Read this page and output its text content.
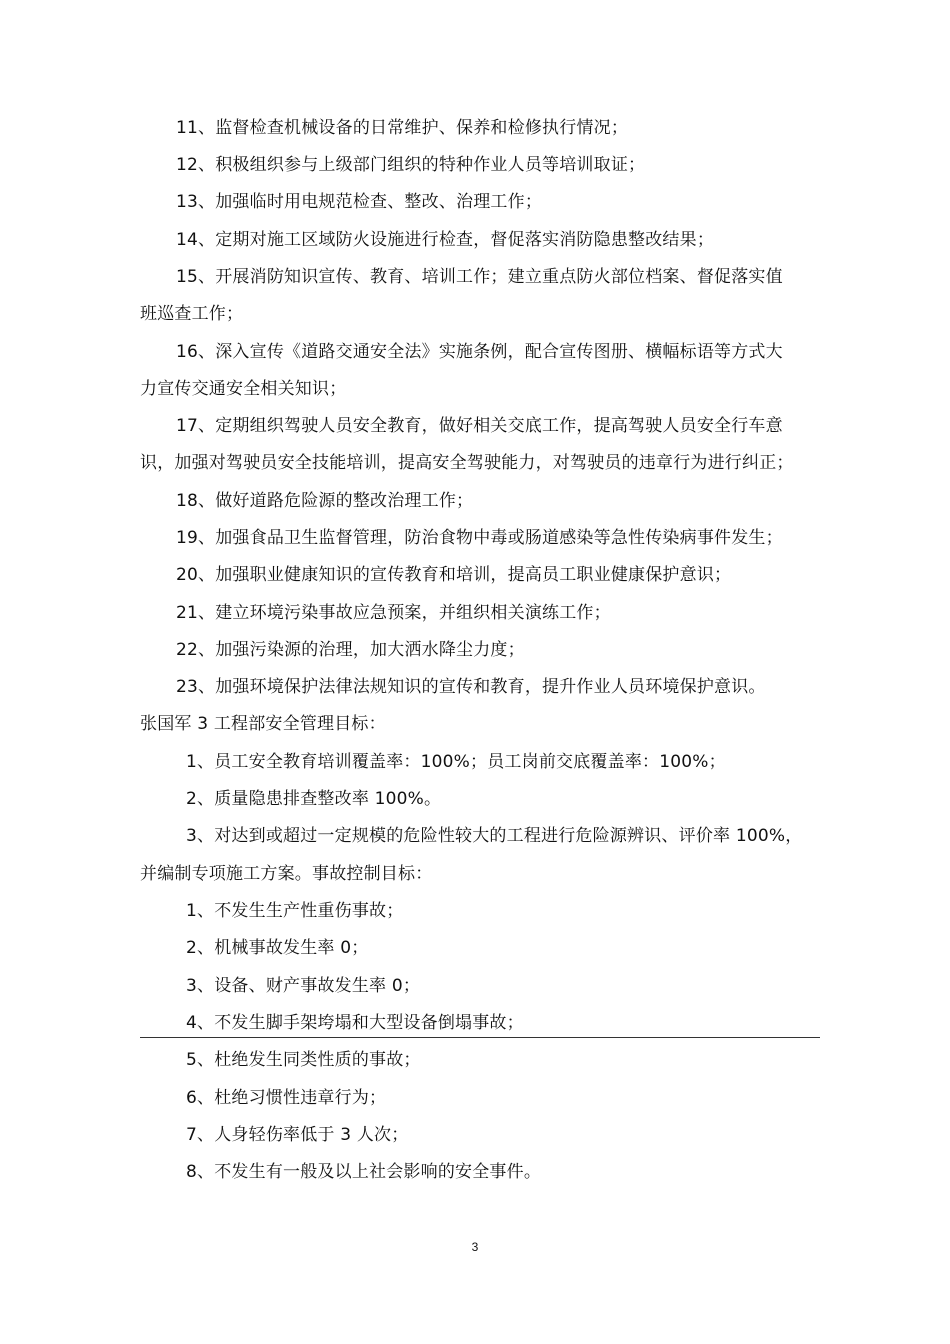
11、监督检查机械设备的日常维护、保养和检修执行情况；
12、积极组织参与上级部门组织的特种作业人员等培训取证；
13、加强临时用电规范检查、整改、治理工作；
14、定期对施工区域防火设施进行检查，督促落实消防隐患整改结果；
15、开展消防知识宣传、教育、培训工作；建立重点防火部位档案、督促落实值
班巡查工作；
16、深入宣传《道路交通安全法》实施条例，配合宣传图册、横幅标语等方式大
力宣传交通安全相关知识；
17、定期组织驾驶人员安全教育，做好相关交底工作，提高驾驶人员安全行车意
识，加强对驾驶员安全技能培训，提高安全驾驶能力，对驾驶员的违章行为进行纠正；
18、做好道路危险源的整改治理工作；
19、加强食品卫生监督管理，防治食物中毒或肠道感染等急性传染病事件发生；
20、加强职业健康知识的宣传教育和培训，提高员工职业健康保护意识；
21、建立环境污染事故应急预案，并组织相关演练工作；
22、加强污染源的治理，加大洒水降尘力度；
23、加强环境保护法律法规知识的宣传和教育，提升作业人员环境保护意识。
张国军 3 工程部安全管理目标：
1、员工安全教育培训覆盖率：100%；员工岗前交底覆盖率：100%；
2、质量隐患排查整改率 100%。
3、对达到或超过一定规模的危险性较大的工程进行危险源辨识、评价率 100%，
并编制专项施工方案。事故控制目标：
1、不发生生产性重伤事故；
2、机械事故发生率 0；
3、设备、财产事故发生率 0；
4、不发生脚手架垮塌和大型设备倒塌事故；
5、杜绝发生同类性质的事故；
6、杜绝习惯性违章行为；
7、人身轻伤率低于 3 人次；
8、不发生有一般及以上社会影响的安全事件。
3
